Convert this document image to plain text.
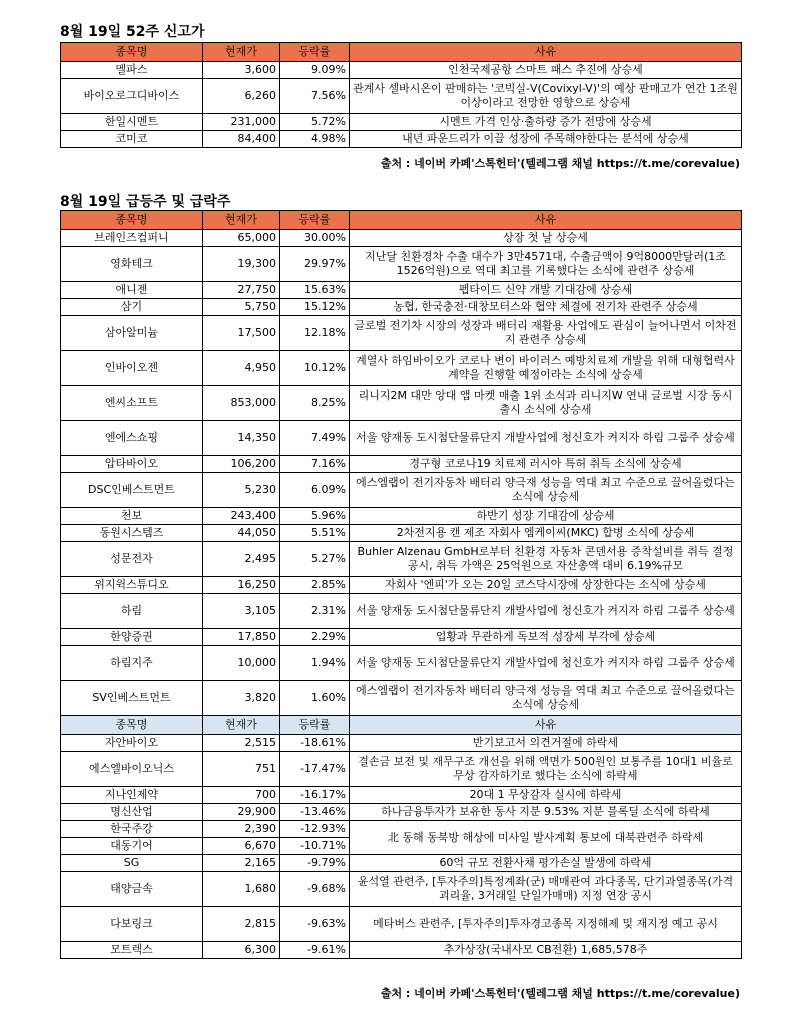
8월 19일 52주 신고가
종목명	현재가	등락률	사유
멜파스	3,600	9.09%	인천국제공항 스마트 패스 추진에 상승세
바이오로그디바이스	6,260	7.56%	관계사 셀바시온이 판매하는 '코빅실-V(Covixyl-V)'의 예상 판매고가 연간 1조원 이상이라고 전망한 영향으로 상승세
한일시멘트	231,000	5.72%	시멘트 가격 인상·출하량 증가 전망에 상승세
코미코	84,400	4.98%	내년 파운드리가 이끌 성장에 주목해야한다는 분석에 상승세
출처 : 네이버 카페'스톡헌터'(텔레그램 채널 https://t.me/corevalue)
8월 19일 급등주 및 급락주
종목명	현재가	등락률	사유
브레인즈컴퍼니	65,000	30.00%	상장 첫 날 상승세
영화테크	19,300	29.97%	지난달 친환경차 수출 대수가 3만4571대, 수출금액이 9억8000만달러(1조1526억원)으로 역대 최고를 기록했다는 소식에 관련주 상승세
애니젠	27,750	15.63%	펩타이드 신약 개발 기대감에 상승세
삼기	5,750	15.12%	농협, 한국충전·대창모터스와 협약 체결에 전기차 관련주 상승세
삼아알미늄	17,500	12.18%	글로벌 전기차 시장의 성장과 배터리 재활용 사업에도 관심이 늘어나면서 이차전지 관련주 상승세
인바이오젠	4,950	10.12%	계열사 하임바이오가 코로나 변이 바이러스 예방치료제 개발을 위해 대형협력사 계약을 진행할 예정이라는 소식에 상승세
엔씨소프트	853,000	8.25%	리니지2M 대만 앙대 앱 마켓 매출 1위 소식과 리니지W 연내 글로벌 시장 동시 출시 소식에 상승세
엔에스쇼핑	14,350	7.49%	서울 양재동 도시첨단물류단지 개발사업에 청신호가 켜지자 하림 그룹주 상승세
압타바이오	106,200	7.16%	경구형 코로나19 치료제 러시아 특허 취득 소식에 상승세
DSC인베스트먼트	5,230	6.09%	에스엠랩이 전기자동차 배터리 양극재 성능을 역대 최고 수준으로 끌어올렸다는 소식에 상승세
천보	243,400	5.96%	하반기 성장 기대감에 상승세
동원시스템즈	44,050	5.51%	2차전지용 캔 제조 자회사 엠케이씨(MKC) 합병 소식에 상승세
성문전자	2,495	5.27%	Buhler Alzenau GmbH로부터 친환경 자동차 콘덴서용 증착설비를 취득 결정 공시, 취득 가액은 25억원으로 자산총액 대비 6.19%규모
위지윅스튜디오	16,250	2.85%	자회사 '엔피'가 오는 20일 코스닥시장에 상장한다는 소식에 상승세
하림	3,105	2.31%	서울 양재동 도시첨단물류단지 개발사업에 청신호가 켜지자 하림 그룹주 상승세
한양증권	17,850	2.29%	업황과 무관하게 독보적 성장세 부각에 상승세
하림지주	10,000	1.94%	서울 양재동 도시첨단물류단지 개발사업에 청신호가 켜지자 하림 그룹주 상승세
SV인베스트먼트	3,820	1.60%	에스엠랩이 전기자동차 배터리 양극재 성능을 역대 최고 수준으로 끌어올렸다는 소식에 상승세
종목명	현재가	등락률	사유
자안바이오	2,515	-18.61%	반기보고서 의견거절에 하락세
에스엘바이오닉스	751	-17.47%	결손금 보전 및 재무구조 개선을 위해 액면가 500원인 보통주를 10대1 비율로 무상 감자하기로 했다는 소식에 하락세
지나인제약	700	-16.17%	20대 1 무상감자 실시에 하락세
명신산업	29,900	-13.46%	하나금융투자가 보유한 동사 지분 9.53% 지분 블록딜 소식에 하락세
한국주강	2,390	-12.93%	北 동해 동북방 해상에 미사일 발사계획 통보에 대북관련주 하락세
대동기어	6,670	-10.71%	
SG	2,165	-9.79%	60억 규모 전환사채 평가손실 발생에 하락세
태양금속	1,680	-9.68%	윤석열 관련주, [투자주의]특정계좌(군) 매매관여 과다종목, 단기과열종목(가격괴리율, 3거래일 단일가매매) 지정 연장 공시
다보링크	2,815	-9.63%	메타버스 관련주, [투자주의]투자경고종목 지정해제 및 재지정 예고 공시
모트렉스	6,300	-9.61%	추가상장(국내사모 CB전환) 1,685,578주
출처 : 네이버 카페'스톡헌터'(텔레그램 채널 https://t.me/corevalue)
